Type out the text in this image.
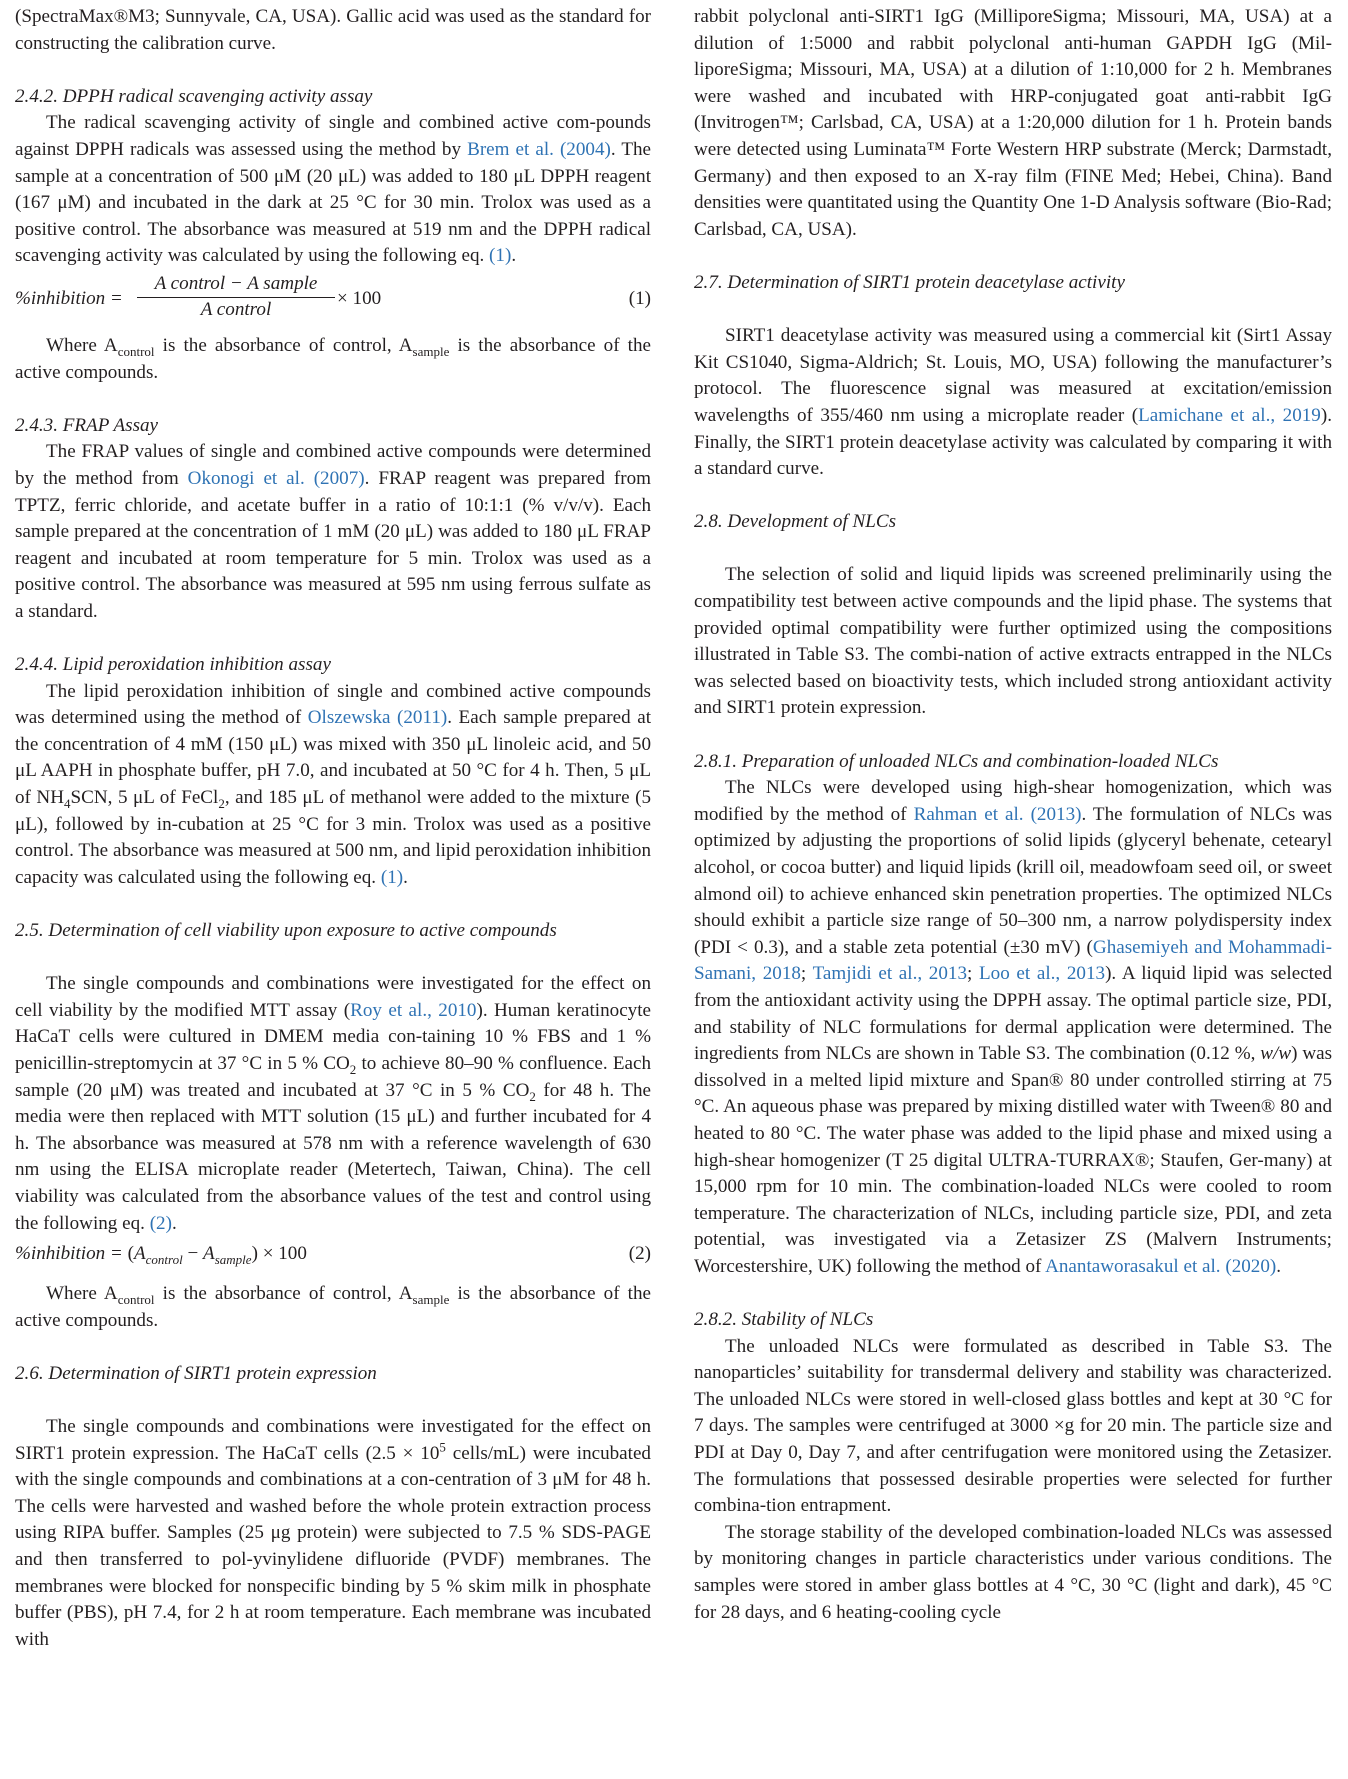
(SpectraMax®M3; Sunnyvale, CA, USA). Gallic acid was used as the standard for constructing the calibration curve.

2.4.2. DPPH radical scavenging activity assay

The radical scavenging activity of single and combined active com-pounds against DPPH radicals was assessed using the method by Brem et al. (2004). The sample at a concentration of 500 μM (20 μL) was added to 180 μL DPPH reagent (167 μM) and incubated in the dark at 25 °C for 30 min. Trolox was used as a positive control. The absorbance was measured at 519 nm and the DPPH radical scavenging activity was calculated by using the following eq. (1).

%inhibition =
A control − A sample
A control
× 100	(1)

Where $A_{control}$ is the absorbance of control, $A_{sample}$ is the absorbance of the active compounds.

2.4.3. FRAP Assay

The FRAP values of single and combined active compounds were determined by the method from Okonogi et al. (2007). FRAP reagent was prepared from TPTZ, ferric chloride, and acetate buffer in a ratio of 10:1:1 (% v/v/v). Each sample prepared at the concentration of 1 mM (20 μL) was added to 180 μL FRAP reagent and incubated at room temperature for 5 min. Trolox was used as a positive control. The absorbance was measured at 595 nm using ferrous sulfate as a standard.

2.4.4. Lipid peroxidation inhibition assay

The lipid peroxidation inhibition of single and combined active compounds was determined using the method of Olszewska (2011). Each sample prepared at the concentration of 4 mM (150 μL) was mixed with 350 μL linoleic acid, and 50 μL AAPH in phosphate buffer, pH 7.0, and incubated at 50 °C for 4 h. Then, 5 μL of $NH_4SCN$, 5 μL of FeCl$_2$, and 185 μL of methanol were added to the mixture (5 μL), followed by in-cubation at 25 °C for 3 min. Trolox was used as a positive control. The absorbance was measured at 500 nm, and lipid peroxidation inhibition capacity was calculated using the following eq. (1).

2.5. Determination of cell viability upon exposure to active compounds

The single compounds and combinations were investigated for the effect on cell viability by the modified MTT assay (Roy et al., 2010). Human keratinocyte HaCaT cells were cultured in DMEM media con-taining 10 % FBS and 1 % penicillin-streptomycin at 37 °C in 5 % $CO_2$ to achieve 80–90 % confluence. Each sample (20 μM) was treated and incubated at 37 °C in 5 % $CO_2$ for 48 h. The media were then replaced with MTT solution (15 μL) and further incubated for 4 h. The absorbance was measured at 578 nm with a reference wavelength of 630 nm using the ELISA microplate reader (Metertech, Taiwan, China). The cell viability was calculated from the absorbance values of the test and control using the following eq. (2).

%inhibition = $(A_{control} - A_{sample}) \times 100$	(2)

Where $A_{control}$ is the absorbance of control, $A_{sample}$ is the absorbance of the active compounds.

2.6. Determination of SIRT1 protein expression

The single compounds and combinations were investigated for the effect on SIRT1 protein expression. The HaCaT cells ($2.5 \times 10^5$ cells/mL) were incubated with the single compounds and combinations at a con-centration of 3 μM for 48 h. The cells were harvested and washed before the whole protein extraction process using RIPA buffer. Samples (25 μg protein) were subjected to 7.5 % SDS-PAGE and then transferred to pol-yvinylidene difluoride (PVDF) membranes. The membranes were blocked for nonspecific binding by 5 % skim milk in phosphate buffer (PBS), pH 7.4, for 2 h at room temperature. Each membrane was incubated with

rabbit polyclonal anti-SIRT1 IgG (MilliporeSigma; Missouri, MA, USA) at a dilution of 1:5000 and rabbit polyclonal anti-human GAPDH IgG (Mil-liporeSigma; Missouri, MA, USA) at a dilution of 1:10,000 for 2 h. Membranes were washed and incubated with HRP-conjugated goat anti-rabbit IgG (Invitrogen™; Carlsbad, CA, USA) at a 1:20,000 dilution for 1 h. Protein bands were detected using Luminata™ Forte Western HRP substrate (Merck; Darmstadt, Germany) and then exposed to an X-ray film (FINE Med; Hebei, China). Band densities were quantitated using the Quantity One 1-D Analysis software (Bio-Rad; Carlsbad, CA, USA).

2.7. Determination of SIRT1 protein deacetylase activity

SIRT1 deacetylase activity was measured using a commercial kit (Sirt1 Assay Kit CS1040, Sigma-Aldrich; St. Louis, MO, USA) following the manufacturer’s protocol. The fluorescence signal was measured at excitation/emission wavelengths of 355/460 nm using a microplate reader (Lamichane et al., 2019). Finally, the SIRT1 protein deacetylase activity was calculated by comparing it with a standard curve.

2.8. Development of NLCs

The selection of solid and liquid lipids was screened preliminarily using the compatibility test between active compounds and the lipid phase. The systems that provided optimal compatibility were further optimized using the compositions illustrated in Table S3. The combi-nation of active extracts entrapped in the NLCs was selected based on bioactivity tests, which included strong antioxidant activity and SIRT1 protein expression.

2.8.1. Preparation of unloaded NLCs and combination-loaded NLCs

The NLCs were developed using high-shear homogenization, which was modified by the method of Rahman et al. (2013). The formulation of NLCs was optimized by adjusting the proportions of solid lipids (glyceryl behenate, cetearyl alcohol, or cocoa butter) and liquid lipids (krill oil, meadowfoam seed oil, or sweet almond oil) to achieve enhanced skin penetration properties. The optimized NLCs should exhibit a particle size range of 50–300 nm, a narrow polydispersity index (PDI < 0.3), and a stable zeta potential (±30 mV) (Ghasemiyeh and Mohammadi-Samani, 2018; Tamjidi et al., 2013; Loo et al., 2013). A liquid lipid was selected from the antioxidant activity using the DPPH assay. The optimal particle size, PDI, and stability of NLC formulations for dermal application were determined. The ingredients from NLCs are shown in Table S3. The combination (0.12 %, w/w) was dissolved in a melted lipid mixture and Span® 80 under controlled stirring at 75 °C. An aqueous phase was prepared by mixing distilled water with Tween® 80 and heated to 80 °C. The water phase was added to the lipid phase and mixed using a high-shear homogenizer (T 25 digital ULTRA-TURRAX®; Staufen, Ger-many) at 15,000 rpm for 10 min. The combination-loaded NLCs were cooled to room temperature. The characterization of NLCs, including particle size, PDI, and zeta potential, was investigated via a Zetasizer ZS (Malvern Instruments; Worcestershire, UK) following the method of Anantaworasakul et al. (2020).

2.8.2. Stability of NLCs

The unloaded NLCs were formulated as described in Table S3. The nanoparticles’ suitability for transdermal delivery and stability was characterized. The unloaded NLCs were stored in well-closed glass bottles and kept at 30 °C for 7 days. The samples were centrifuged at 3000 ×g for 20 min. The particle size and PDI at Day 0, Day 7, and after centrifugation were monitored using the Zetasizer. The formulations that possessed desirable properties were selected for further combina-tion entrapment.

The storage stability of the developed combination-loaded NLCs was assessed by monitoring changes in particle characteristics under various conditions. The samples were stored in amber glass bottles at 4 °C, 30 °C (light and dark), 45 °C for 28 days, and 6 heating-cooling cycle
